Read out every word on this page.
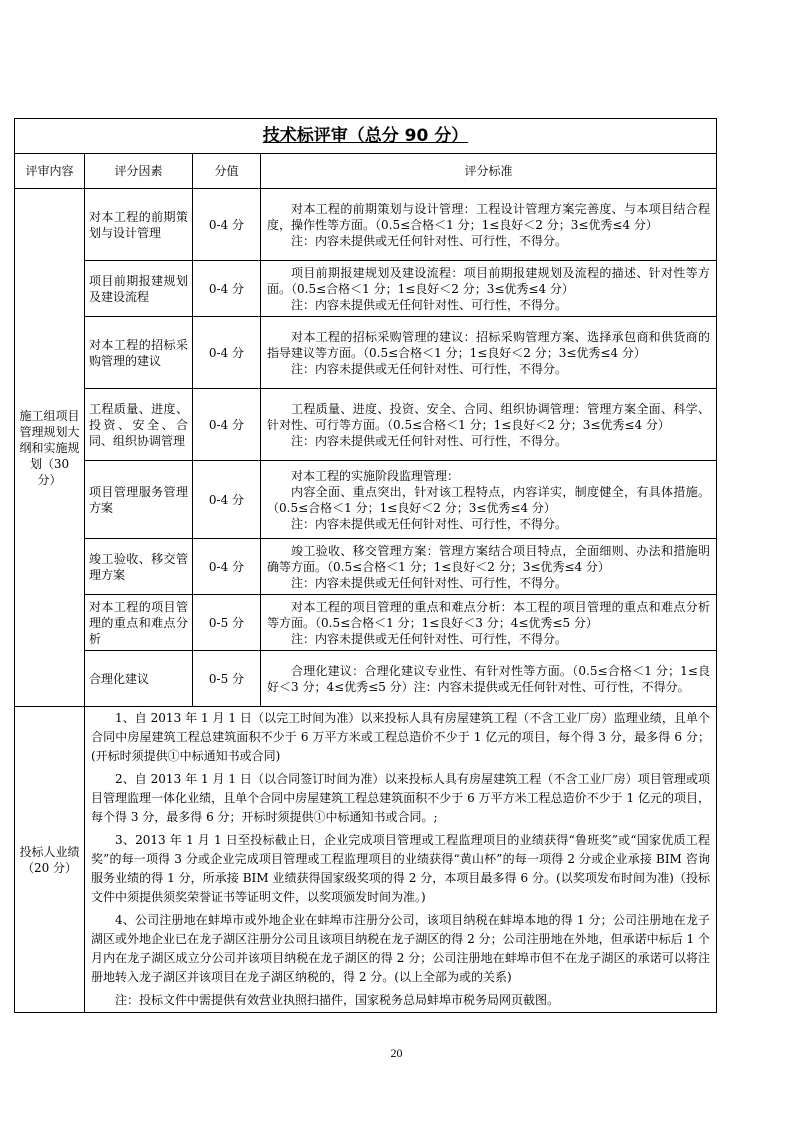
技术标评审（总分 90 分）			
评审内容	评分因素	分值	评分标准
施工组项目管理规划大纲和实施规划（30 分）	对本工程的前期策划与设计管理	0-4 分	对本工程的前期策划与设计管理：工程设计管理方案完善度、与本项目结合程度，操作性等方面。（0.5≤合格＜1 分；1≤良好＜2 分；3≤优秀≤4 分）

注：内容未提供或无任何针对性、可行性，不得分。

	项目前期报建规划及建设流程	0-4 分	项目前期报建规划及建设流程：项目前期报建规划及流程的描述、针对性等方面。（0.5≤合格＜1 分；1≤良好＜2 分；3≤优秀≤4 分）

注：内容未提供或无任何针对性、可行性，不得分。

	对本工程的招标采购管理的建议	0-4 分	对本工程的招标采购管理的建议：招标采购管理方案、选择承包商和供货商的指导建议等方面。（0.5≤合格＜1 分；1≤良好＜2 分；3≤优秀≤4 分）

注：内容未提供或无任何针对性、可行性，不得分。

	工程质量、进度、投资、安全、合同、组织协调管理	0-4 分	工程质量、进度、投资、安全、合同、组织协调管理：管理方案全面、科学、针对性、可行等方面。（0.5≤合格＜1 分；1≤良好＜2 分；3≤优秀≤4 分）

注：内容未提供或无任何针对性、可行性，不得分。

	项目管理服务管理方案	0-4 分	对本工程的实施阶段监理管理：

内容全面、重点突出，针对该工程特点，内容详实，制度健全，有具体措施。（0.5≤合格＜1 分；1≤良好＜2 分；3≤优秀≤4 分）

注：内容未提供或无任何针对性、可行性，不得分。

	竣工验收、移交管理方案	0-4 分	竣工验收、移交管理方案：管理方案结合项目特点，全面细则、办法和措施明确等方面。（0.5≤合格＜1 分；1≤良好＜2 分；3≤优秀≤4 分）

注：内容未提供或无任何针对性、可行性，不得分。

	对本工程的项目管理的重点和难点分析	0-5 分	对本工程的项目管理的重点和难点分析：本工程的项目管理的重点和难点分析等方面。（0.5≤合格＜1 分；1≤良好＜3 分；4≤优秀≤5 分）

注：内容未提供或无任何针对性、可行性，不得分。

	合理化建议	0-5 分	合理化建议：合理化建议专业性、有针对性等方面。（0.5≤合格＜1 分；1≤良好＜3 分；4≤优秀≤5 分）注：内容未提供或无任何针对性、可行性，不得分。

投标人业绩（20 分）	1、自 2013 年 1 月 1 日（以完工时间为准）以来投标人具有房屋建筑工程（不含工业厂房）监理业绩，且单个合同中房屋建筑工程总建筑面积不少于 6 万平方米或工程总造价不少于 1 亿元的项目，每个得 3 分，最多得 6 分；(开标时须提供①中标通知书或合同)

2、自 2013 年 1 月 1 日（以合同签订时间为准）以来投标人具有房屋建筑工程（不含工业厂房）项目管理或项目管理监理一体化业绩，且单个合同中房屋建筑工程总建筑面积不少于 6 万平方米工程总造价不少于 1 亿元的项目，每个得 3 分，最多得 6 分；开标时须提供①中标通知书或合同。;

3、2013 年 1 月 1 日至投标截止日，企业完成项目管理或工程监理项目的业绩获得“鲁班奖”或“国家优质工程奖”的每一项得 3 分或企业完成项目管理或工程监理项目的业绩获得“黄山杯”的每一项得 2 分或企业承接 BIM 咨询服务业绩的得 1 分，所承接 BIM 业绩获得国家级奖项的得 2 分，本项目最多得 6 分。(以奖项发布时间为准)（投标文件中须提供须奖荣誉证书等证明文件，以奖项颁发时间为准。)

4、公司注册地在蚌埠市或外地企业在蚌埠市注册分公司，该项目纳税在蚌埠本地的得 1 分；公司注册地在龙子湖区或外地企业已在龙子湖区注册分公司且该项目纳税在龙子湖区的得 2 分；公司注册地在外地，但承诺中标后 1 个月内在龙子湖区成立分公司并该项目纳税在龙子湖区的得 2 分；公司注册地在蚌埠市但不在龙子湖区的承诺可以将注册地转入龙子湖区并该项目在龙子湖区纳税的，得 2 分。(以上全部为或的关系)

注：投标文件中需提供有效营业执照扫描件，国家税务总局蚌埠市税务局网页截图。		

20
